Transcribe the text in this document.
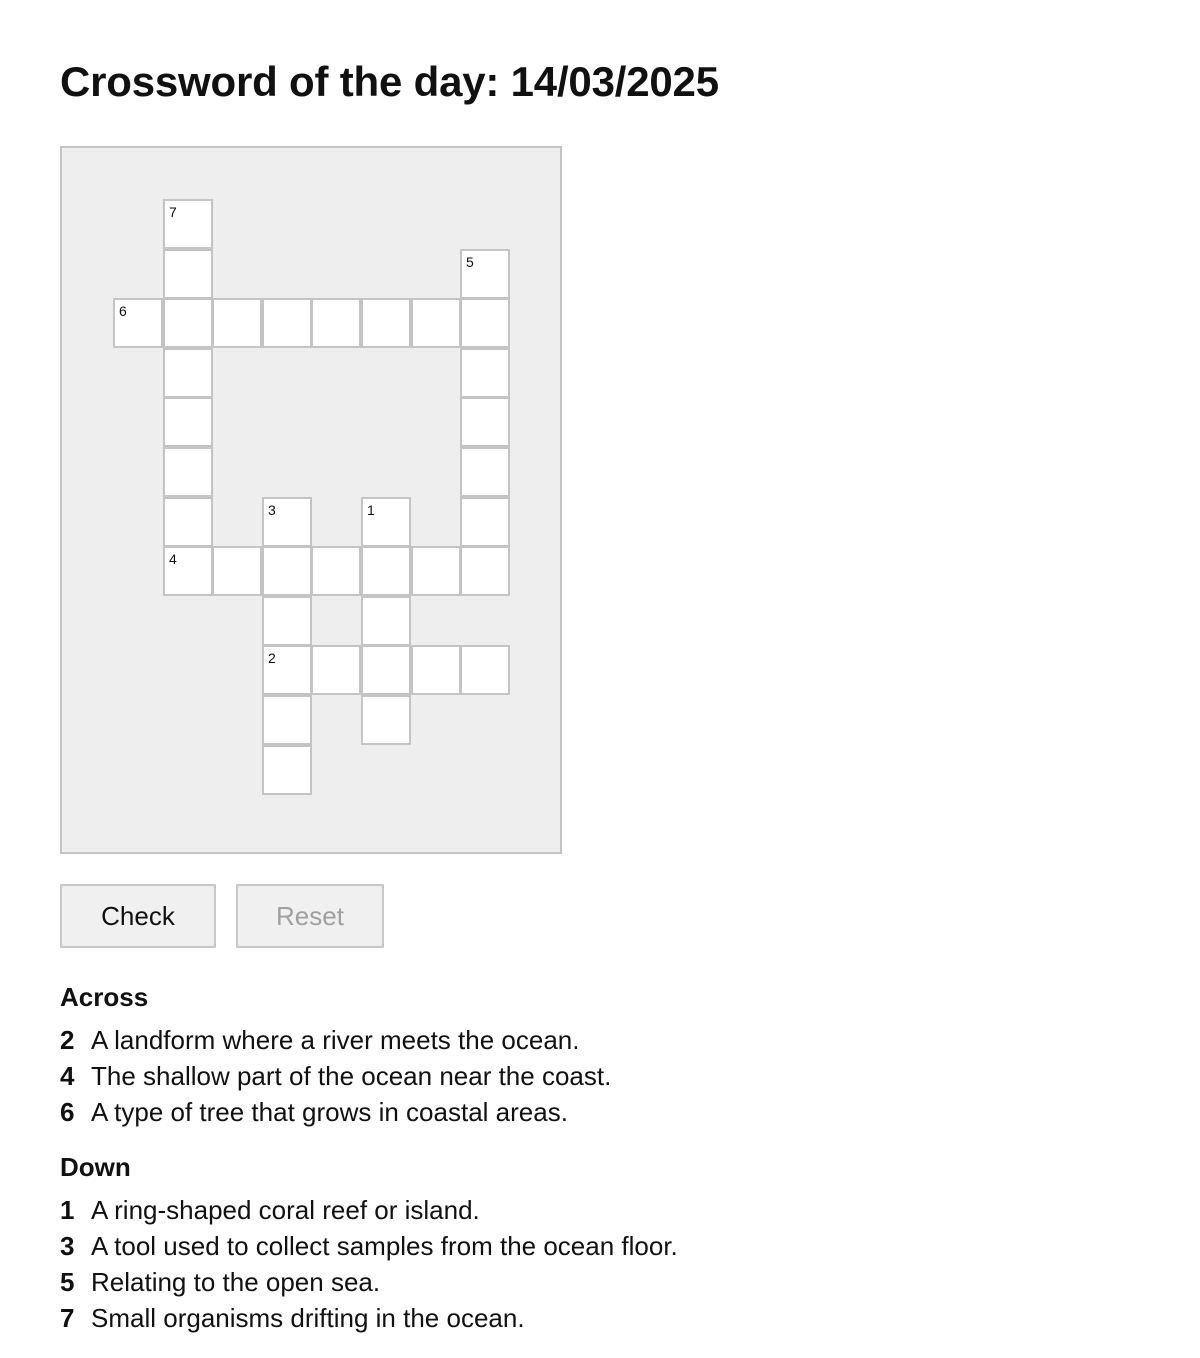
Crossword of the day: 14/03/2025
7
5
6
3	1
4
2
Check	Reset
Across
2 A landform where a river meets the ocean.
4 The shallow part of the ocean near the coast.
6 A type of tree that grows in coastal areas.
Down
1 A ring-shaped coral reef or island.
3 A tool used to collect samples from the ocean floor.
5 Relating to the open sea.
7 Small organisms drifting in the ocean.
